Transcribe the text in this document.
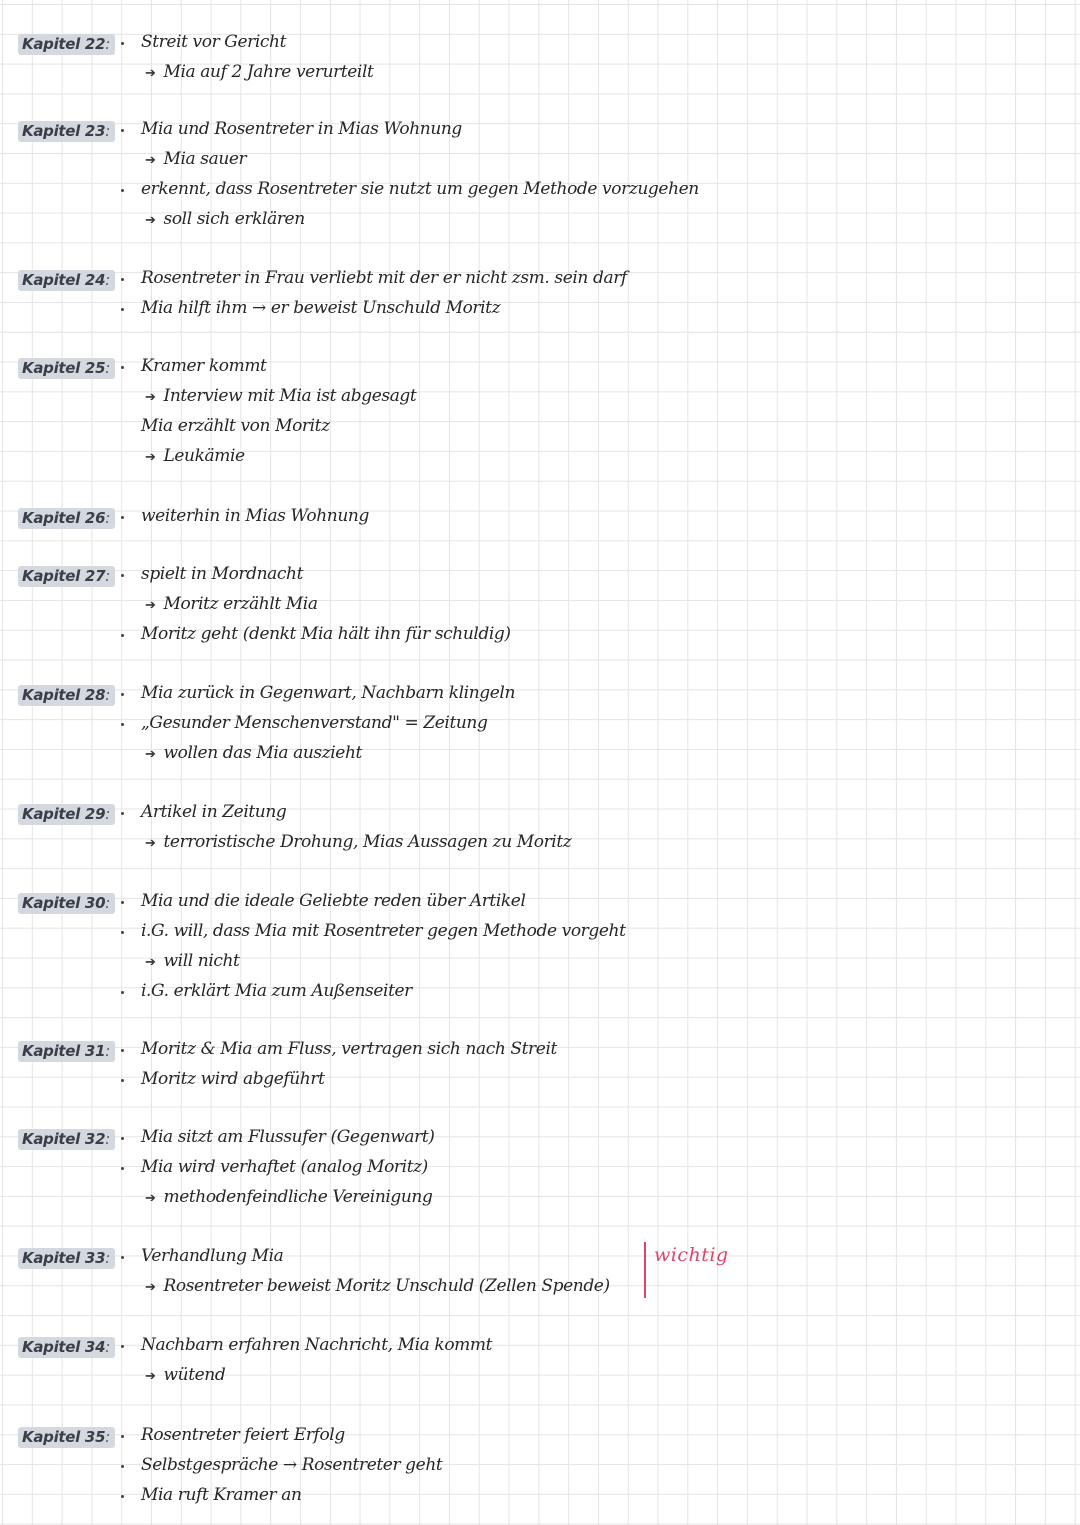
Kapitel 22: Streit vor Gericht
➔ Mia auf 2 Jahre verurteilt
Kapitel 23: Mia und Rosentreter in Mias Wohnung
➔ Mia sauer
erkennt, dass Rosentreter sie nutzt um gegen Methode vorzugehen
➔ soll sich erklären
Kapitel 24: Rosentreter in Frau verliebt mit der er nicht zsm. sein darf
Mia hilft ihm → er beweist Unschuld Moritz
Kapitel 25: Kramer kommt
➔ Interview mit Mia ist abgesagt
Mia erzählt von Moritz
➔ Leukämie
Kapitel 26: weiterhin in Mias Wohnung
Kapitel 27: spielt in Mordnacht
➔ Moritz erzählt Mia
Moritz geht (denkt Mia hält ihn für schuldig)
Kapitel 28: Mia zurück in Gegenwart, Nachbarn klingeln
„Gesunder Menschenverstand" = Zeitung
➔ wollen das Mia auszieht
Kapitel 29: Artikel in Zeitung
➔ terroristische Drohung, Mias Aussagen zu Moritz
Kapitel 30: Mia und die ideale Geliebte reden über Artikel
i.G. will, dass Mia mit Rosentreter gegen Methode vorgeht
➔ will nicht
i.G. erklärt Mia zum Außenseiter
Kapitel 31: Moritz & Mia am Fluss, vertragen sich nach Streit
Moritz wird abgeführt
Kapitel 32: Mia sitzt am Flussufer (Gegenwart)
Mia wird verhaftet (analog Moritz)
➔ methodenfeindliche Vereinigung
Kapitel 33: Verhandlung Mia
➔ Rosentreter beweist Moritz Unschuld (Zellen Spende)
Kapitel 34: Nachbarn erfahren Nachricht, Mia kommt
➔ wütend
Kapitel 35: Rosentreter feiert Erfolg
Selbstgespräche → Rosentreter geht
Mia ruft Kramer an
wichtig
